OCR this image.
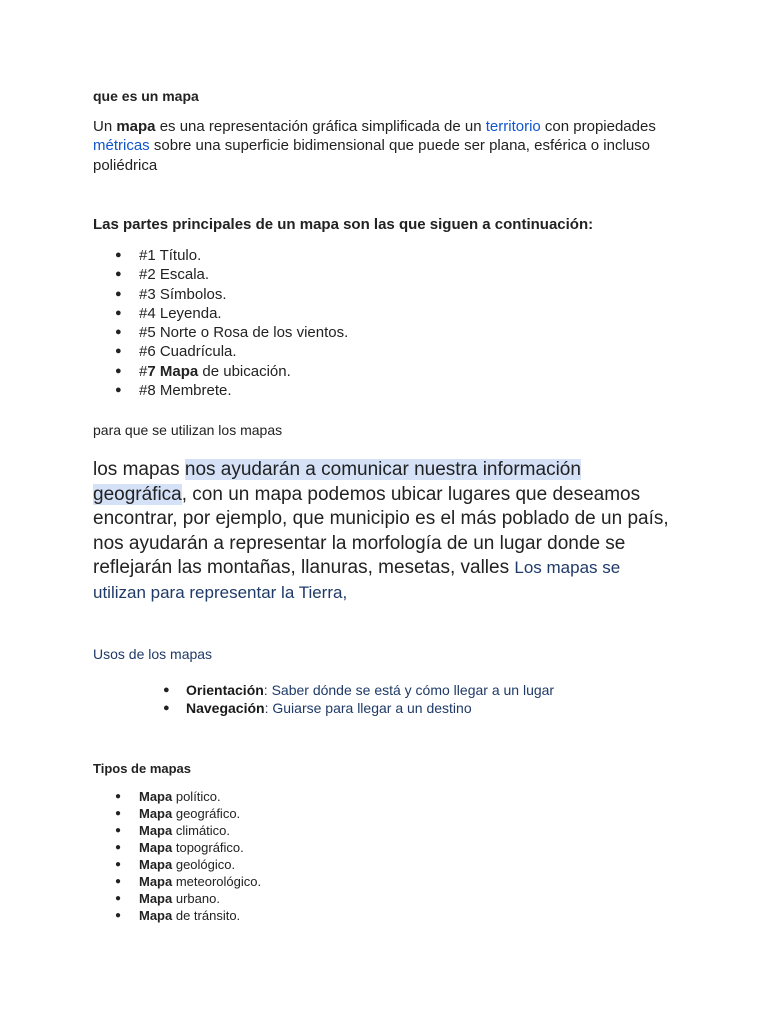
que es un mapa

Un mapa es una representación gráfica simplificada de un territorio con propiedades métricas sobre una superficie bidimensional que puede ser plana, esférica o incluso poliédrica

Las partes principales de un mapa son las que siguen a continuación:

● #1 Título.
● #2 Escala.
● #3 Símbolos.
● #4 Leyenda.
● #5 Norte o Rosa de los vientos.
● #6 Cuadrícula.
● #7 Mapa de ubicación.
● #8 Membrete.

para que se utilizan los mapas

los mapas nos ayudarán a comunicar nuestra información geográfica, con un mapa podemos ubicar lugares que deseamos encontrar, por ejemplo, que municipio es el más poblado de un país, nos ayudarán a representar la morfología de un lugar donde se reflejarán las montañas, llanuras, mesetas, valles Los mapas se utilizan para representar la Tierra,

Usos de los mapas

● Orientación: Saber dónde se está y cómo llegar a un lugar
● Navegación: Guiarse para llegar a un destino

Tipos de mapas

● Mapa político.
● Mapa geográfico.
● Mapa climático.
● Mapa topográfico.
● Mapa geológico.
● Mapa meteorológico.
● Mapa urbano.
● Mapa de tránsito.
